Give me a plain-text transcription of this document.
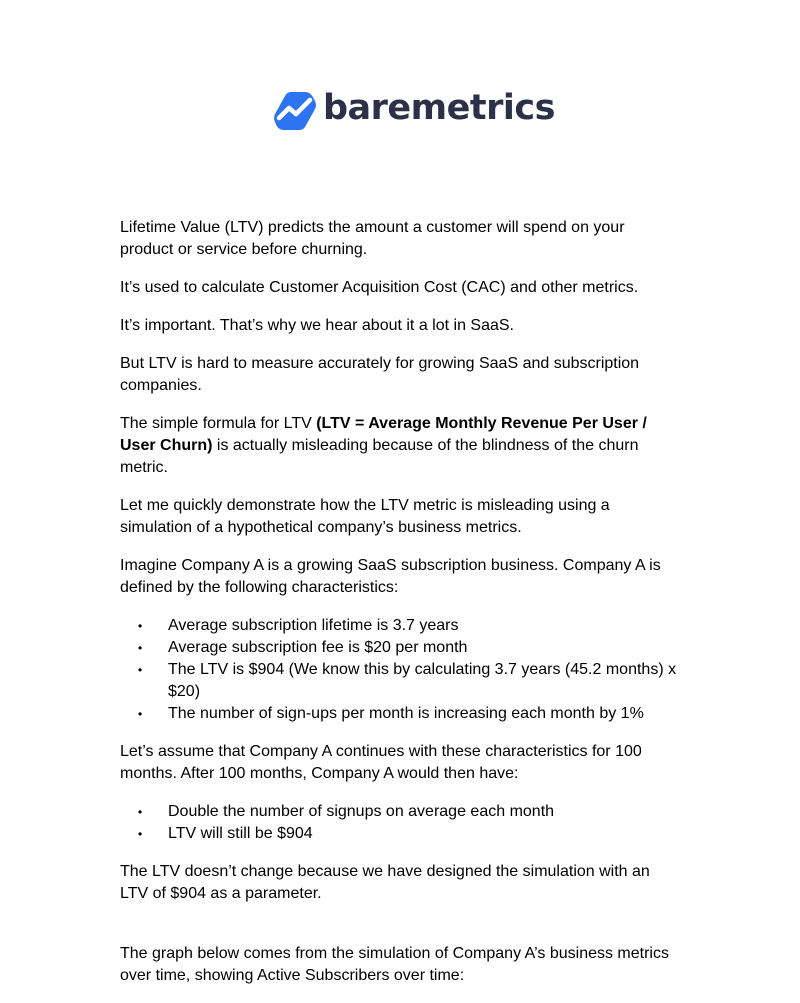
baremetrics

Lifetime Value (LTV) predicts the amount a customer will spend on your product or service before churning.

It’s used to calculate Customer Acquisition Cost (CAC) and other metrics.

It’s important. That’s why we hear about it a lot in SaaS.

But LTV is hard to measure accurately for growing SaaS and subscription companies.

The simple formula for LTV (LTV = Average Monthly Revenue Per User / User Churn) is actually misleading because of the blindness of the churn metric.

Let me quickly demonstrate how the LTV metric is misleading using a simulation of a hypothetical company’s business metrics.

Imagine Company A is a growing SaaS subscription business. Company A is defined by the following characteristics:

• Average subscription lifetime is 3.7 years
• Average subscription fee is $20 per month
• The LTV is $904 (We know this by calculating 3.7 years (45.2 months) x $20)
• The number of sign-ups per month is increasing each month by 1%

Let’s assume that Company A continues with these characteristics for 100 months. After 100 months, Company A would then have:

• Double the number of signups on average each month
• LTV will still be $904

The LTV doesn’t change because we have designed the simulation with an LTV of $904 as a parameter.

The graph below comes from the simulation of Company A’s business metrics over time, showing Active Subscribers over time:
